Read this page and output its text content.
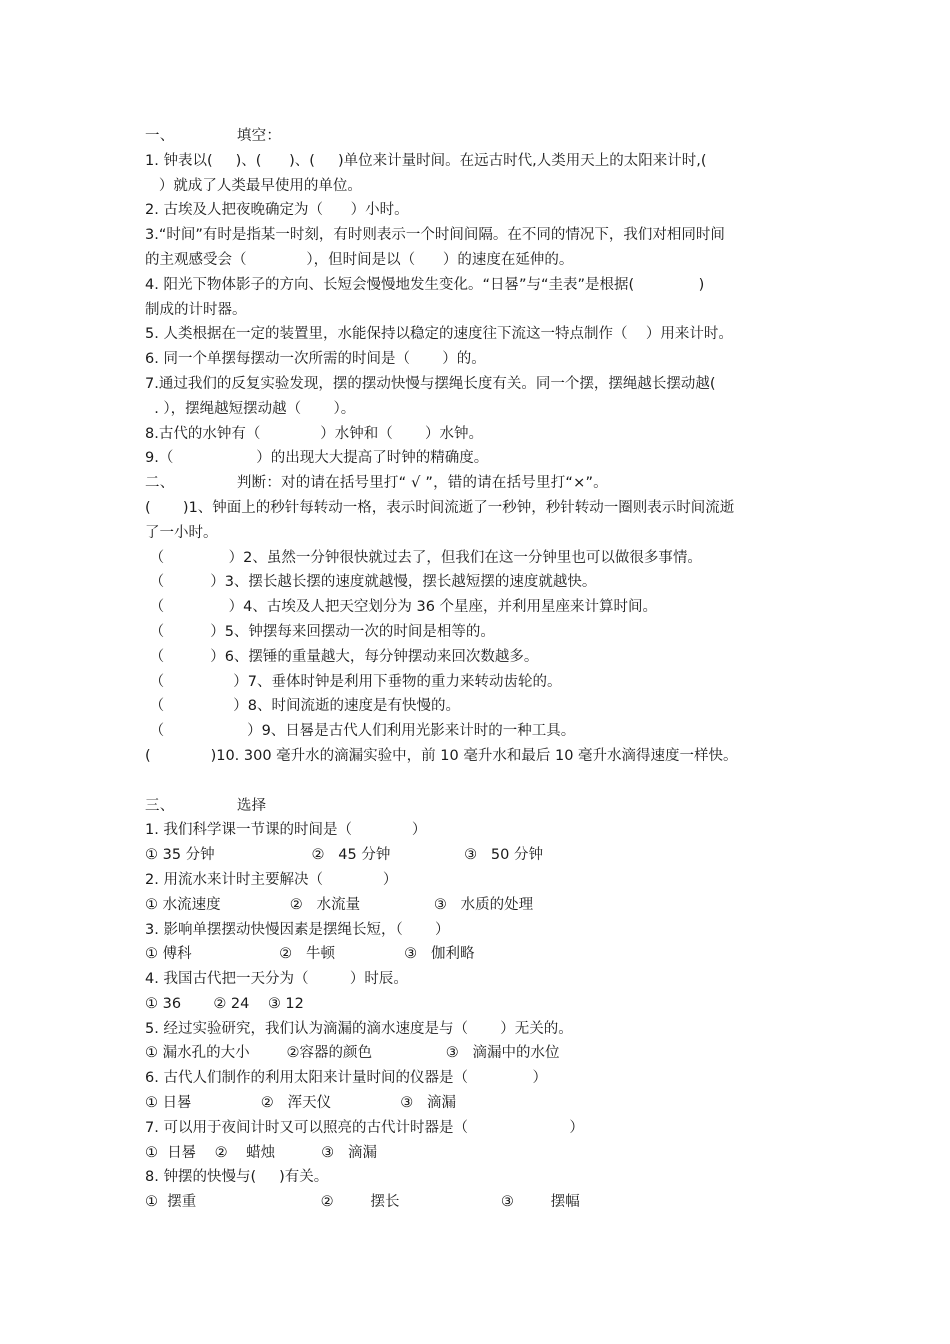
一、             填空：
1. 钟表以(     )、(      )、(     )单位来计量时间。在远古时代,人类用天上的太阳来计时,(
）就成了人类最早使用的单位。
2. 古埃及人把夜晚确定为（      ）小时。
3.“时间”有时是指某一时刻，有时则表示一个时间间隔。在不同的情况下，我们对相同时间
的主观感受会（             ），但时间是以（      ）的速度在延伸的。
4. 阳光下物体影子的方向、长短会慢慢地发生变化。“日晷”与“圭表”是根据(              )
制成的计时器。
5. 人类根据在一定的装置里，水能保持以稳定的速度往下流这一特点制作（    ）用来计时。
6. 同一个单摆每摆动一次所需的时间是（       ）的。
7.通过我们的反复实验发现，摆的摆动快慢与摆绳长度有关。同一个摆，摆绳越长摆动越(
. ），摆绳越短摆动越（       ）。
8.古代的水钟有（             ）水钟和（       ）水钟。
9.（                  ）的出现大大提高了时钟的精确度。
二、             判断：对的请在括号里打“ √ ”，错的请在括号里打“×”。
(       )1、钟面上的秒针每转动一格，表示时间流逝了一秒钟，秒针转动一圈则表示时间流逝
了一小时。
（              ）2、虽然一分钟很快就过去了，但我们在这一分钟里也可以做很多事情。
（          ）3、摆长越长摆的速度就越慢，摆长越短摆的速度就越快。
（              ）4、古埃及人把天空划分为 36 个星座，并利用星座来计算时间。
（          ）5、钟摆每来回摆动一次的时间是相等的。
（          ）6、摆锤的重量越大，每分钟摆动来回次数越多。
（               ）7、垂体时钟是利用下垂物的重力来转动齿轮的。
（               ）8、时间流逝的速度是有快慢的。
（                  ）9、日晷是古代人们利用光影来计时的一种工具。
(             )10. 300 毫升水的滴漏实验中，前 10 毫升水和最后 10 毫升水滴得速度一样快。
三、             选择
1. 我们科学课一节课的时间是（             ）
① 35 分钟                     ②   45 分钟                ③   50 分钟
2. 用流水来计时主要解决（             ）
① 水流速度               ②   水流量                ③   水质的处理
3. 影响单摆摆动快慢因素是摆绳长短，（       ）
① 傅科                   ②   牛顿               ③   伽利略
4. 我国古代把一天分为（         ）时辰。
① 36       ② 24    ③ 12
5. 经过实验研究，我们认为滴漏的滴水速度是与（       ）无关的。
① 漏水孔的大小        ②容器的颜色                ③   滴漏中的水位
6. 古代人们制作的利用太阳来计量时间的仪器是（              ）
① 日晷               ②   浑天仪               ③   滴漏
7. 可以用于夜间计时又可以照亮的古代计时器是（                      ）
①  日晷    ②    蜡烛          ③   滴漏
8. 钟摆的快慢与(     )有关。
①  摆重                           ②        摆长                      ③        摆幅
